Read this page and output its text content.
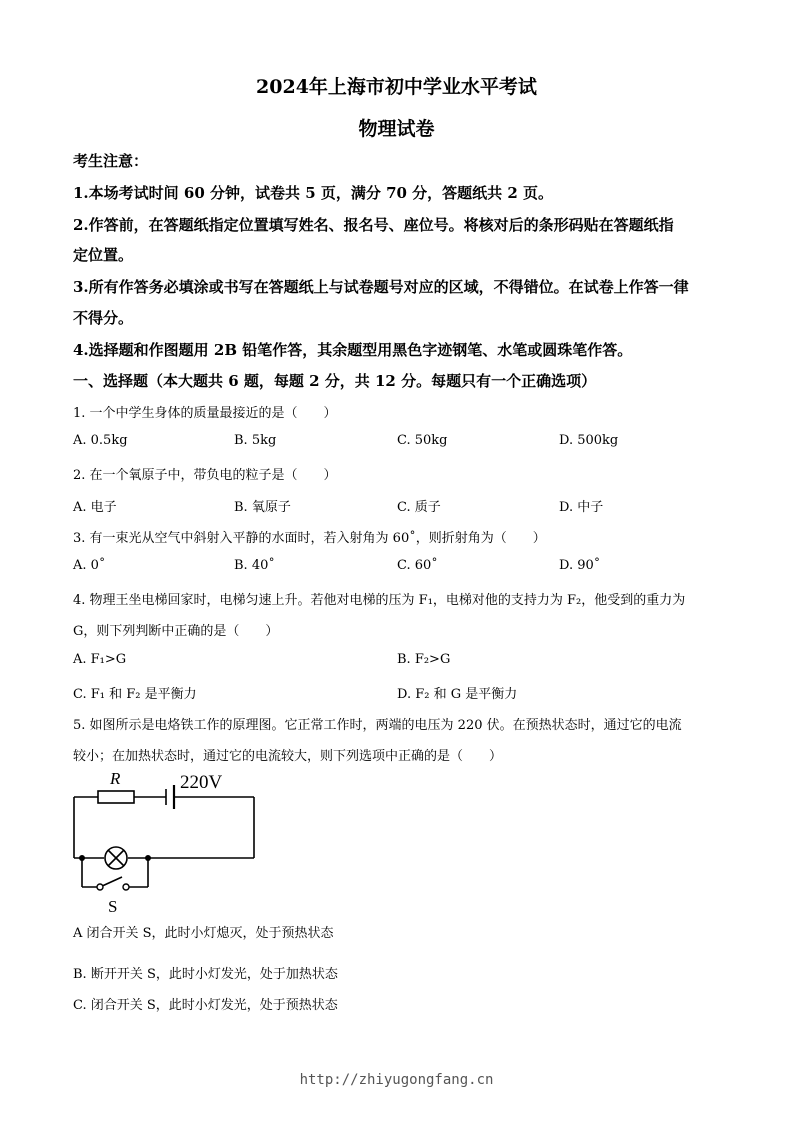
2024年上海市初中学业水平考试
物理试卷
考生注意：
1.本场考试时间 60 分钟，试卷共 5 页，满分 70 分，答题纸共 2 页。
2.作答前，在答题纸指定位置填写姓名、报名号、座位号。将核对后的条形码贴在答题纸指
定位置。
3.所有作答务必填涂或书写在答题纸上与试卷题号对应的区域，不得错位。在试卷上作答一律
不得分。
4.选择题和作图题用 2B 铅笔作答，其余题型用黑色字迹钢笔、水笔或圆珠笔作答。
一、选择题（本大题共 6 题，每题 2 分，共 12 分。每题只有一个正确选项）
1. 一个中学生身体的质量最接近的是（　　）
A. 0.5kg	B. 5kg	C. 50kg	D. 500kg
2. 在一个氧原子中，带负电的粒子是（　　）
A. 电子	B. 氧原子	C. 质子	D. 中子
3. 有一束光从空气中斜射入平静的水面时，若入射角为 60˚，则折射角为（　　）
A. 0˚	B. 40˚	C. 60˚	D. 90˚
4. 物理王坐电梯回家时，电梯匀速上升。若他对电梯的压为 F₁，电梯对他的支持力为 F₂，他受到的重力为
G，则下列判断中正确的是（　　）
A. F₁>G	B. F₂>G
C. F₁ 和 F₂ 是平衡力	D. F₂ 和 G 是平衡力
5. 如图所示是电烙铁工作的原理图。它正常工作时，两端的电压为 220 伏。在预热状态时，通过它的电流
较小；在加热状态时，通过它的电流较大，则下列选项中正确的是（　　）
R	220V
S
A 闭合开关 S，此时小灯熄灭，处于预热状态
B. 断开开关 S，此时小灯发光，处于加热状态
C. 闭合开关 S，此时小灯发光，处于预热状态
http://zhiyugongfang.cn
